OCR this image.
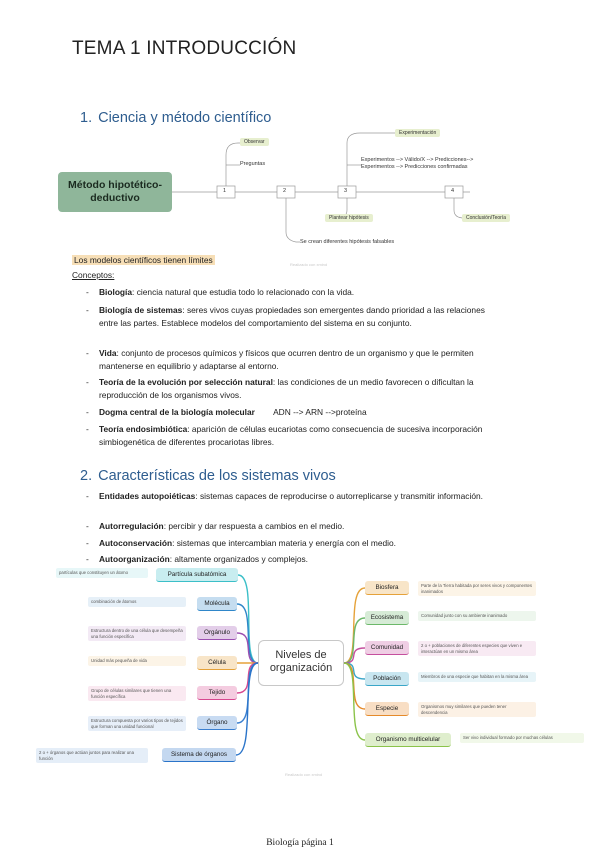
TEMA 1 INTRODUCCIÓN
1. Ciencia y método científico
Método hipotético-deductivo
1	2	3	4
Observar
Preguntas
Experimentación
Experimentos --> Válido/X --> Predicciones-->
Experimentos --> Predicciones confirmadas
Plantear hipótesis	Conclusión/Teoría
Se crean diferentes hipótesis falsables
Realizado con xmind
Los modelos científicos tienen límites
Conceptos:
- Biología: ciencia natural que estudia todo lo relacionado con la vida.
- Biología de sistemas: seres vivos cuyas propiedades son emergentes dando prioridad a las relaciones entre las partes. Establece modelos del comportamiento del sistema en su conjunto.
- Vida: conjunto de procesos químicos y físicos que ocurren dentro de un organismo y que le permiten mantenerse en equilibrio y adaptarse al entorno.
- Teoría de la evolución por selección natural: las condiciones de un medio favorecen o dificultan la reproducción de los organismos vivos.
- Dogma central de la biología molecular        ADN --> ARN -->proteína
- Teoría endosimbiótica: aparición de células eucariotas como consecuencia de sucesiva incorporación simbiogenética de diferentes procariotas libres.
2. Características de los sistemas vivos
- Entidades autopoiéticas: sistemas capaces de reproducirse o autorreplicarse y transmitir información.
- Autorregulación: percibir y dar respuesta a cambios en el medio.
- Autoconservación: sistemas que intercambian materia y energía con el medio.
- Autoorganización: altamente organizados y complejos.
Niveles de organización
Partícula subatómica
partículas que constituyen un átomo
Molécula
combinación de átomos
Orgánulo
Estructura dentro de una célula que desempeña una función específica
Célula
Unidad más pequeña de vida
Tejido
Grupo de células similares que tienen una función específica
Órgano
Estructura compuesta por varios tipos de tejidos que forman una unidad funcional
Sistema de órganos
2 o + órganos que actúan juntos para realizar una función
Biosfera	Parte de la Tierra habitada por seres vivos y componentes inanimados
Ecosistema	Comunidad junto con su ambiente inanimado
Comunidad	2 o + poblaciones de diferentes especies que viven e interactúan en un mismo área
Población	Miembros de una especie que habitan en la misma área
Especie	Organismos muy similares que pueden tener descendencia
Organismo multicelular	Ser vivo individual formado por muchas células
Realizado con xmind
Biología página 1
